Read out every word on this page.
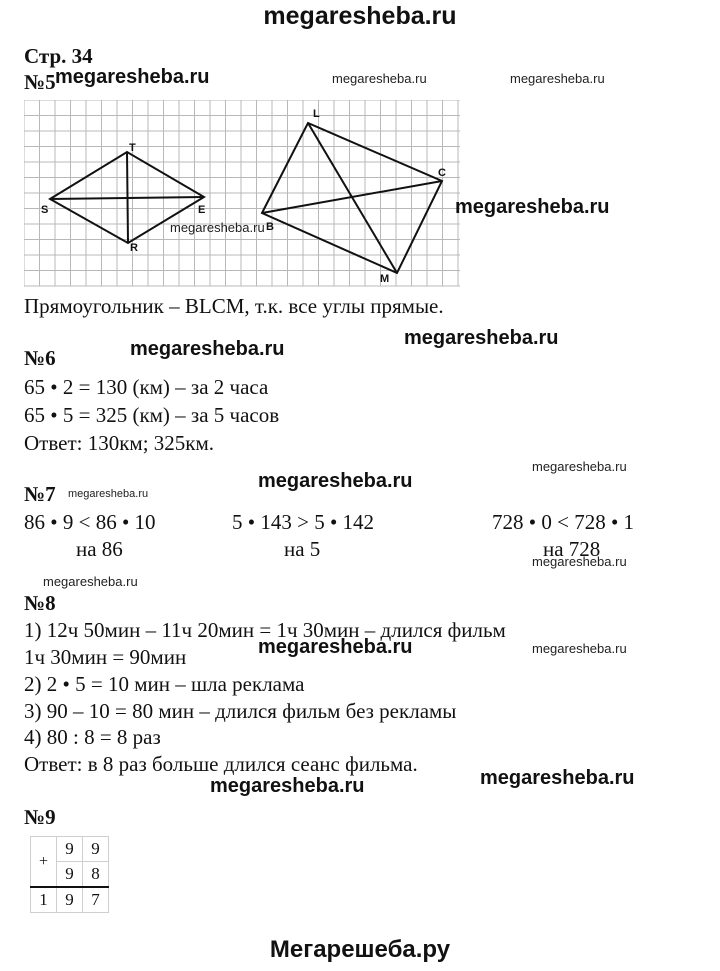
megaresheba.ru
Мегарешеба.ру
Стр. 34
№5 megaresheba.ru	megaresheba.ru	megaresheba.ru
T
S	E
R
L
C
B
M
megaresheba.ru
megaresheba.ru
Прямоугольник – BLCM, т.к. все углы прямые.
megaresheba.ru	megaresheba.ru
№6
65 • 2 = 130 (км) – за 2 часа
65 • 5 = 325 (км) – за 5 часов
Ответ: 130км; 325км.
megaresheba.ru
megaresheba.ru
№7 megaresheba.ru
86 • 9 < 86 • 10	5 • 143 > 5 • 142	728 • 0 < 728 • 1
на 86	на 5	на 728
megaresheba.ru
megaresheba.ru
№8
1) 12ч 50мин – 11ч 20мин = 1ч 30мин – длился фильм
megaresheba.ru	megaresheba.ru
1ч 30мин = 90мин
2) 2 • 5 = 10 мин – шла реклама
3) 90 – 10 = 80 мин – длился фильм без рекламы
4) 80 : 8 = 8 раз
Ответ: в 8 раз больше длился сеанс фильма.
megaresheba.ru	megaresheba.ru
№9
+	9	9
	9	8
1	9	7
